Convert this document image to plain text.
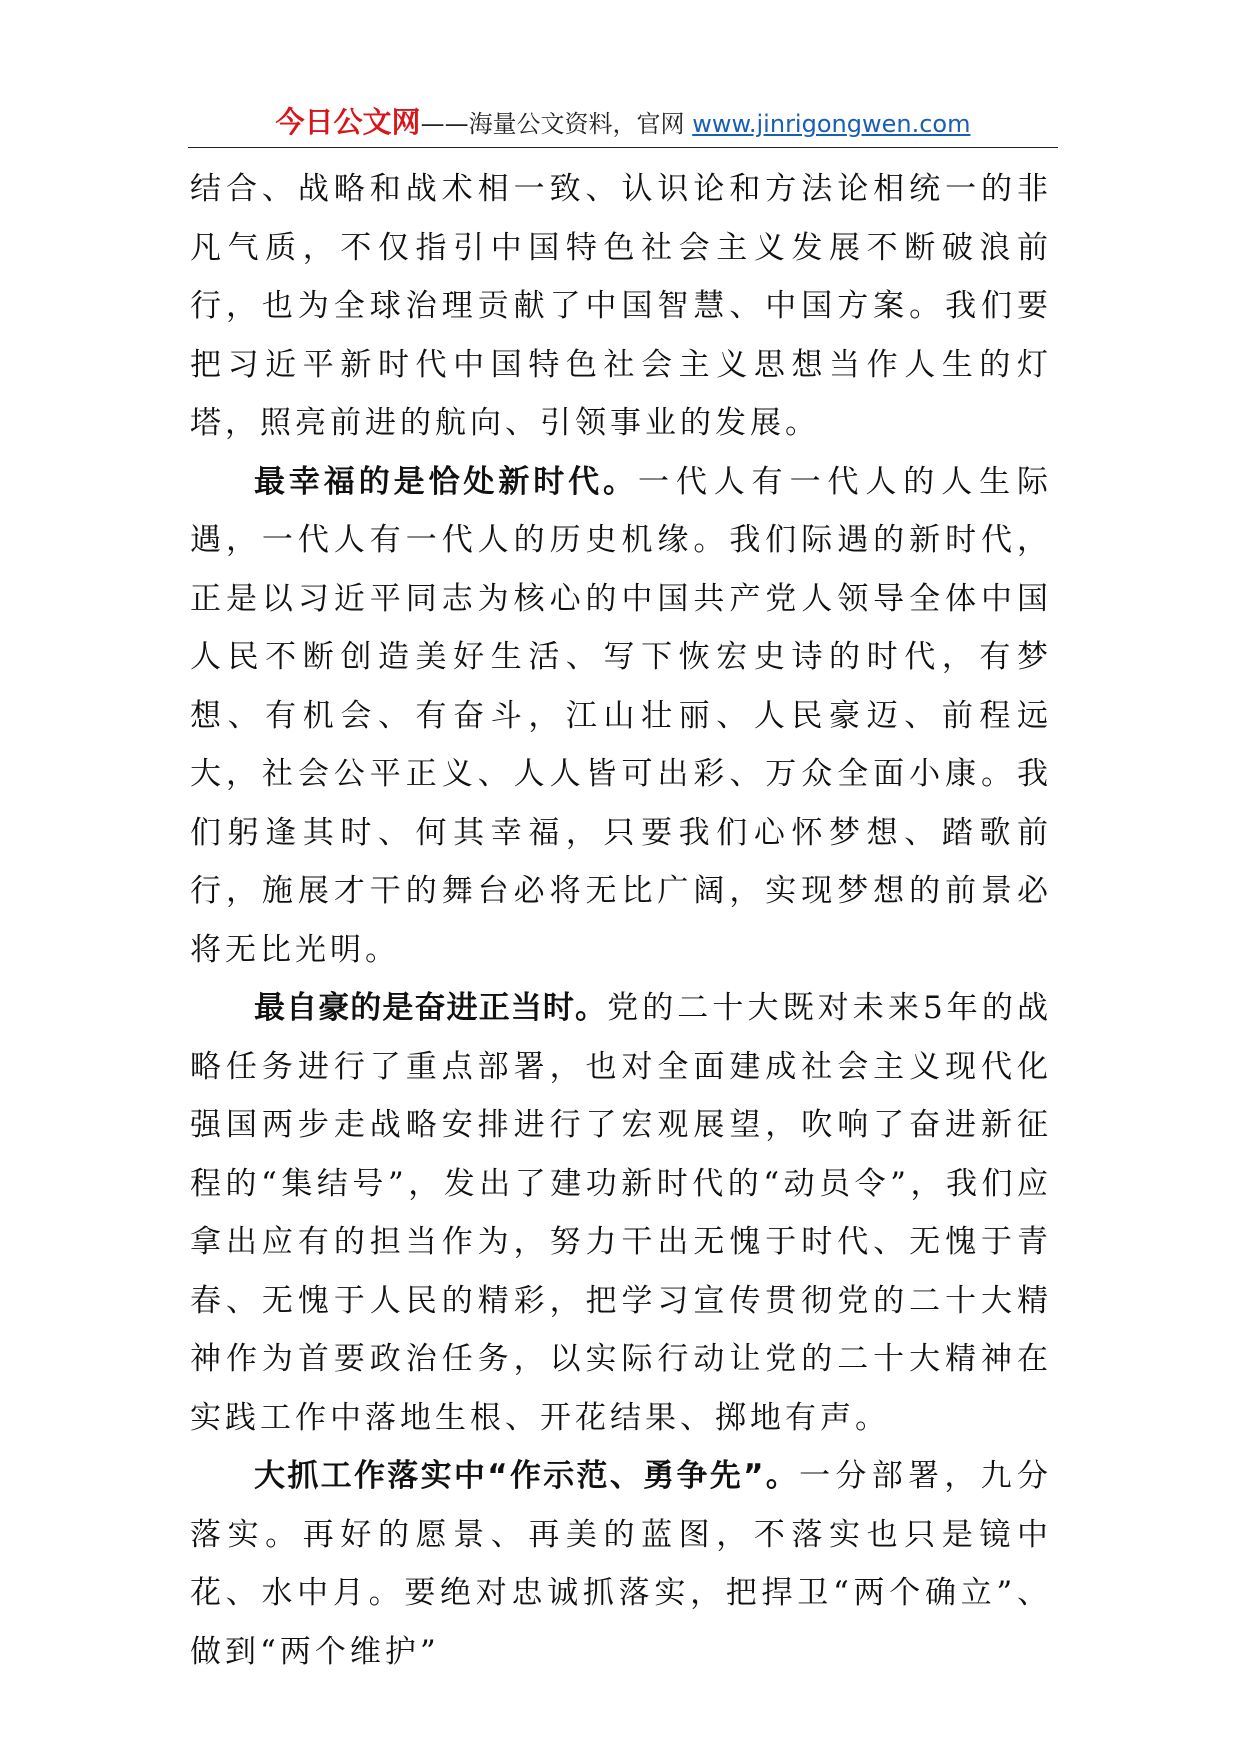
今日公文网——海量公文资料，官网 www.jinrigongwen.com

结合、战略和战术相一致、认识论和方法论相统一的非凡气质，不仅指引中国特色社会主义发展不断破浪前行，也为全球治理贡献了中国智慧、中国方案。我们要把习近平新时代中国特色社会主义思想当作人生的灯塔，照亮前进的航向、引领事业的发展。

最幸福的是恰处新时代。一代人有一代人的人生际遇，一代人有一代人的历史机缘。我们际遇的新时代，正是以习近平同志为核心的中国共产党人领导全体中国人民不断创造美好生活、写下恢宏史诗的时代，有梦想、有机会、有奋斗，江山壮丽、人民豪迈、前程远大，社会公平正义、人人皆可出彩、万众全面小康。我们躬逢其时、何其幸福，只要我们心怀梦想、踏歌前行，施展才干的舞台必将无比广阔，实现梦想的前景必将无比光明。

最自豪的是奋进正当时。党的二十大既对未来5年的战略任务进行了重点部署，也对全面建成社会主义现代化强国两步走战略安排进行了宏观展望，吹响了奋进新征程的“集结号”，发出了建功新时代的“动员令”，我们应拿出应有的担当作为，努力干出无愧于时代、无愧于青春、无愧于人民的精彩，把学习宣传贯彻党的二十大精神作为首要政治任务，以实际行动让党的二十大精神在实践工作中落地生根、开花结果、掷地有声。

大抓工作落实中“作示范、勇争先”。一分部署，九分落实。再好的愿景、再美的蓝图，不落实也只是镜中花、水中月。要绝对忠诚抓落实，把捍卫“两个确立”、做到“两个维护”
